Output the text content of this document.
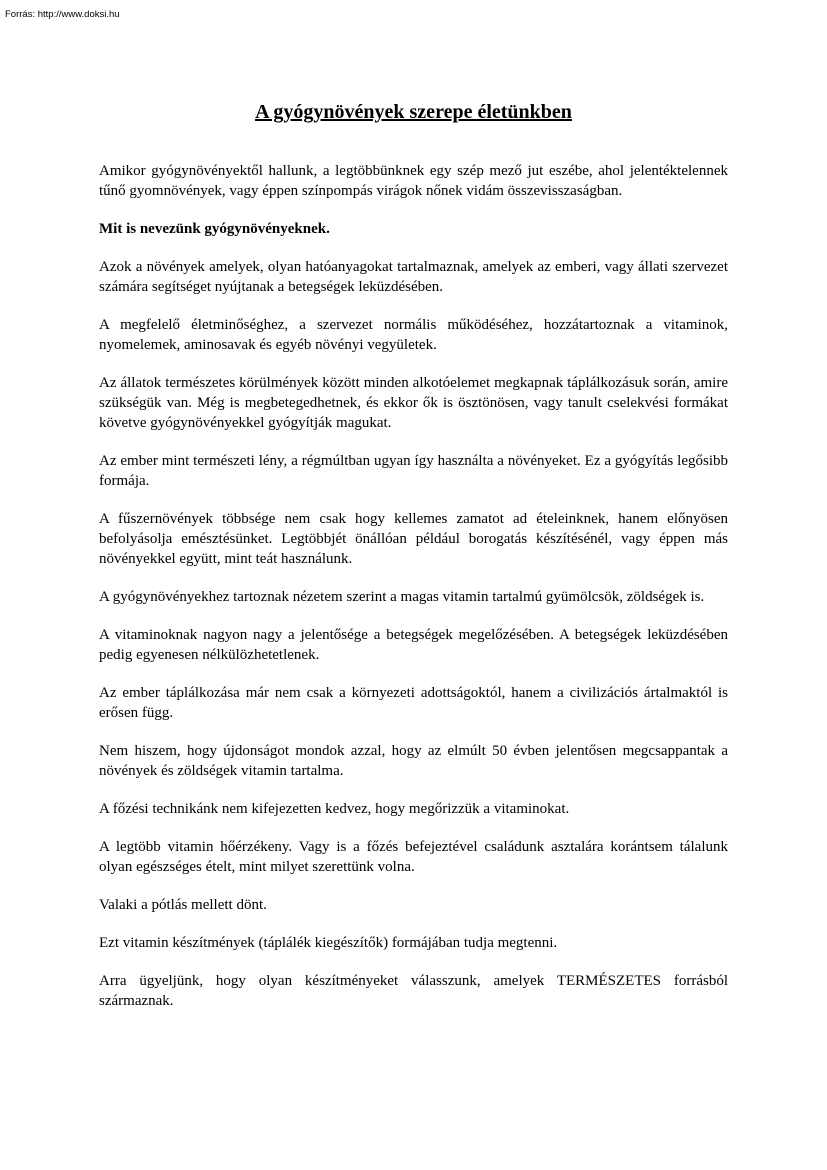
Forrás: http://www.doksi.hu
A gyógynövények szerepe életünkben

Amikor gyógynövényektől hallunk, a legtöbbünknek egy szép mező jut eszébe, ahol jelentéktelennek tűnő gyomnövények, vagy éppen színpompás virágok nőnek vidám összevisszaságban.

Mit is nevezünk gyógynövényeknek.

Azok a növények amelyek, olyan hatóanyagokat tartalmaznak, amelyek az emberi, vagy állati szervezet számára segítséget nyújtanak a betegségek leküzdésében.

A megfelelő életminőséghez, a szervezet normális működéséhez, hozzátartoznak a vitaminok, nyomelemek, aminosavak és egyéb növényi vegyületek.

Az állatok természetes körülmények között minden alkotóelemet megkapnak táplálkozásuk során, amire szükségük van. Még is megbetegedhetnek, és ekkor ők is ösztönösen, vagy tanult cselekvési formákat követve gyógynövényekkel gyógyítják magukat.

Az ember mint természeti lény, a régmúltban ugyan így használta a növényeket. Ez a gyógyítás legősibb formája.

A fűszernövények többsége nem csak hogy kellemes zamatot ad ételeinknek, hanem előnyösen befolyásolja emésztésünket. Legtöbbjét önállóan például borogatás készítésénél, vagy éppen más növényekkel együtt, mint teát használunk.

A gyógynövényekhez tartoznak nézetem szerint a magas vitamin tartalmú gyümölcsök, zöldségek is.

A vitaminoknak nagyon nagy a jelentősége a betegségek megelőzésében. A betegségek leküzdésében pedig egyenesen nélkülözhetetlenek.

Az ember táplálkozása már nem csak a környezeti adottságoktól, hanem a civilizációs ártalmaktól is erősen függ.

Nem hiszem, hogy újdonságot mondok azzal, hogy az elmúlt 50 évben jelentősen megcsappantak a növények és zöldségek vitamin tartalma.

A főzési technikánk nem kifejezetten kedvez, hogy megőrizzük a vitaminokat.

A legtöbb vitamin hőérzékeny. Vagy is a főzés befejeztével családunk asztalára korántsem tálalunk olyan egészséges ételt, mint milyet szerettünk volna.

Valaki a pótlás mellett dönt.

Ezt vitamin készítmények (táplálék kiegészítők) formájában tudja megtenni.

Arra ügyeljünk, hogy olyan készítményeket válasszunk, amelyek TERMÉSZETES forrásból származnak.
